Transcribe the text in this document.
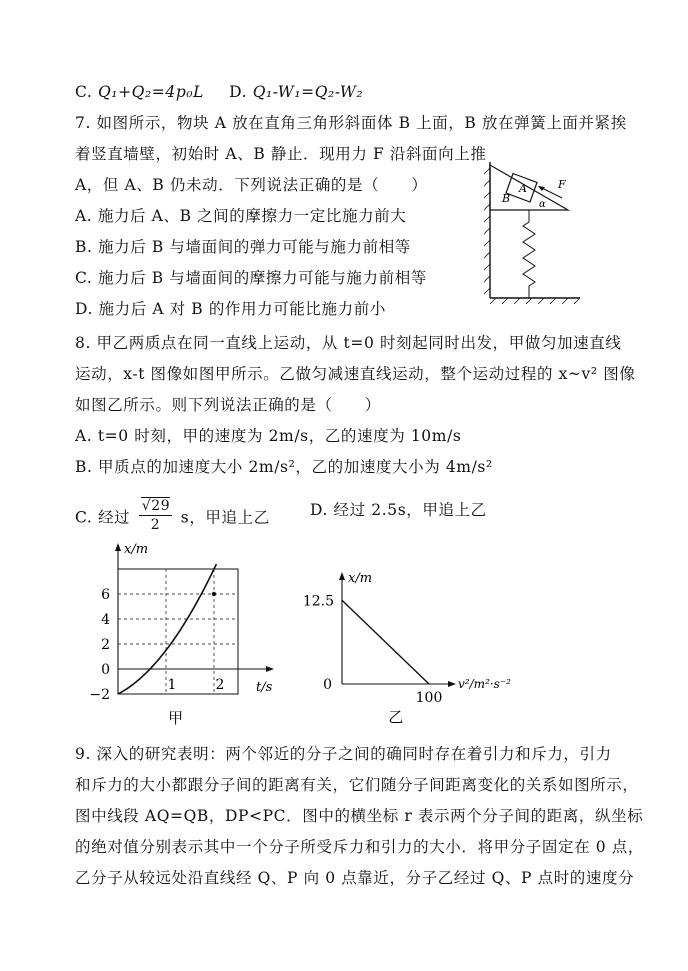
C. Q₁+Q₂=4p₀L D. Q₁-W₁=Q₂-W₂
7. 如图所示，物块 A 放在直角三角形斜面体 B 上面，B 放在弹簧上面并紧挨
着竖直墙壁，初始时 A、B 静止．现用力 F 沿斜面向上推
A，但 A、B 仍未动．下列说法正确的是（　　）
A. 施力后 A、B 之间的摩擦力一定比施力前大
B. 施力后 B 与墙面间的弹力可能与施力前相等
C. 施力后 B 与墙面间的摩擦力可能与施力前相等
D. 施力后 A 对 B 的作用力可能比施力前小
B	α
A	F
8. 甲乙两质点在同一直线上运动，从 t=0 时刻起同时出发，甲做匀加速直线
运动，x-t 图像如图甲所示。乙做匀减速直线运动，整个运动过程的 x~v² 图像
如图乙所示。则下列说法正确的是（　　）
A. t=0 时刻，甲的速度为 2m/s，乙的速度为 10m/s
B. 甲质点的加速度大小 2m/s²，乙的加速度大小为 4m/s²
C. 经过 $\frac{√29}{2}$ s，甲追上乙	D. 经过 2.5s，甲追上乙
x/m
t/s
6
4
2
0
−2
1	2
甲
x/m
v²/m²·s⁻²
12.5
0
100
乙
9. 深入的研究表明：两个邻近的分子之间的确同时存在着引力和斥力，引力
和斥力的大小都跟分子间的距离有关，它们随分子间距离变化的关系如图所示，
图中线段 AQ=QB，DP<PC．图中的横坐标 r 表示两个分子间的距离，纵坐标
的绝对值分别表示其中一个分子所受斥力和引力的大小．将甲分子固定在 0 点，
乙分子从较远处沿直线经 Q、P 向 0 点靠近，分子乙经过 Q、P 点时的速度分
